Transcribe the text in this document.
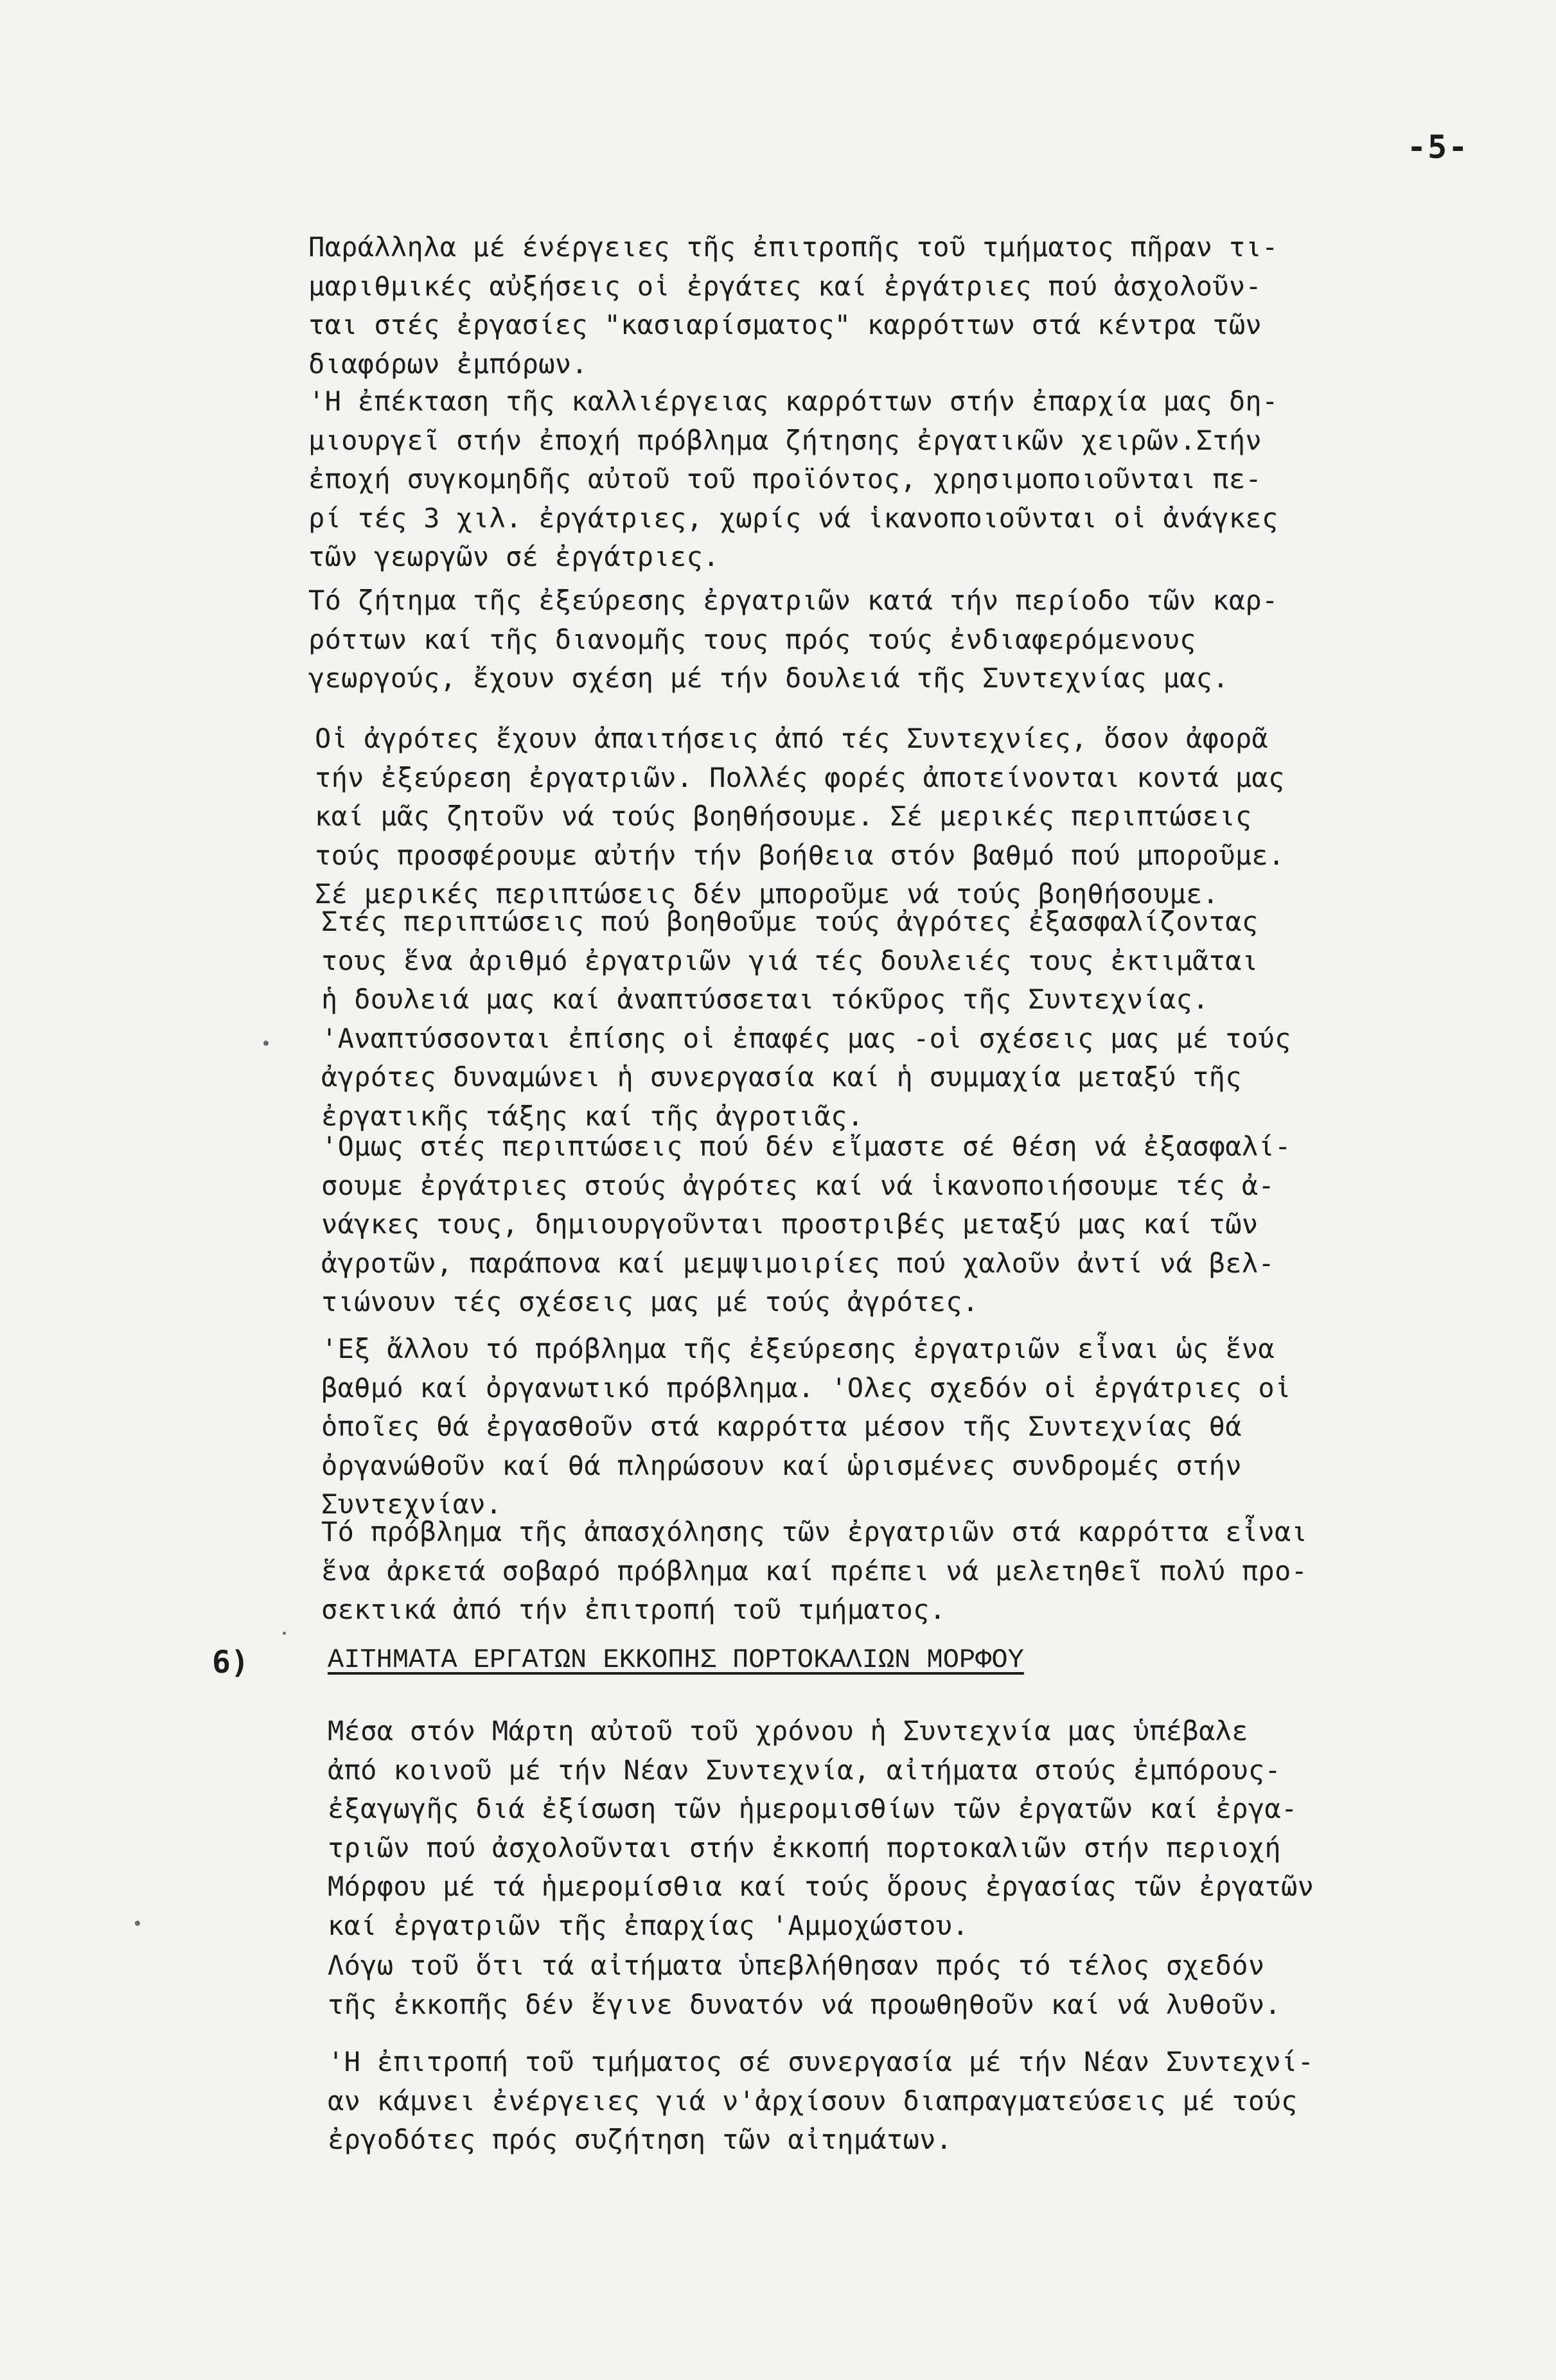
-5-

Παράλληλα μέ ένέργειες τῆς ἐπιτροπῆς τοῦ τμήματος πῆραν τι-
μαριθμικές αὐξήσεις οἱ ἐργάτες καί ἐργάτριες πού ἀσχολοῦν-
ται στές ἐργασίες "κασιαρίσματος" καρρόττων στά κέντρα τῶν
διαφόρων ἐμπόρων.

'Η ἐπέκταση τῆς καλλιέργειας καρρόττων στήν ἐπαρχία μας δη-
μιουργεῖ στήν ἐποχή πρόβλημα ζήτησης ἐργατικῶν χειρῶν.Στήν
ἐποχή συγκομηδῆς αὐτοῦ τοῦ προϊόντος, χρησιμοποιοῦνται πε-
ρί τές 3 χιλ. ἐργάτριες, χωρίς νά ἱκανοποιοῦνται οἱ ἀνάγκες
τῶν γεωργῶν σέ ἐργάτριες.

Τό ζήτημα τῆς ἐξεύρεσης ἐργατριῶν κατά τήν περίοδο τῶν καρ-
ρόττων καί τῆς διανομῆς τους πρός τούς ἐνδιαφερόμενους
γεωργούς, ἔχουν σχέση μέ τήν δουλειά τῆς Συντεχνίας μας.

Οἱ ἀγρότες ἔχουν ἀπαιτήσεις ἀπό τές Συντεχνίες, ὅσον ἀφορᾶ
τήν ἐξεύρεση ἐργατριῶν. Πολλές φορές ἀποτείνονται κοντά μας
καί μᾶς ζητοῦν νά τούς βοηθήσουμε. Σέ μερικές περιπτώσεις
τούς προσφέρουμε αὐτήν τήν βοήθεια στόν βαθμό πού μποροῦμε.
Σέ μερικές περιπτώσεις δέν μποροῦμε νά τούς βοηθήσουμε.

Στές περιπτώσεις πού βοηθοῦμε τούς ἀγρότες ἐξασφαλίζοντας
τους ἕνα ἀριθμό ἐργατριῶν γιά τές δουλειές τους ἐκτιμᾶται
ἡ δουλειά μας καί ἀναπτύσσεται τόκῦρος τῆς Συντεχνίας.
'Αναπτύσσονται ἐπίσης οἱ ἐπαφές μας -οἱ σχέσεις μας μέ τούς
ἀγρότες δυναμώνει ἡ συνεργασία καί ἡ συμμαχία μεταξύ τῆς
ἐργατικῆς τάξης καί τῆς ἀγροτιᾶς.

'Ομως στές περιπτώσεις πού δέν εἴμαστε σέ θέση νά ἐξασφαλί-
σουμε ἐργάτριες στούς ἀγρότες καί νά ἱκανοποιήσουμε τές ἀ-
νάγκες τους, δημιουργοῦνται προστριβές μεταξύ μας καί τῶν
ἀγροτῶν, παράπονα καί μεμψιμοιρίες πού χαλοῦν ἀντί νά βελ-
τιώνουν τές σχέσεις μας μέ τούς ἀγρότες.

'Εξ ἄλλου τό πρόβλημα τῆς ἐξεύρεσης ἐργατριῶν εἶναι ὡς ἕνα
βαθμό καί ὀργανωτικό πρόβλημα. 'Ολες σχεδόν οἱ ἐργάτριες οἱ
ὁποῖες θά ἐργασθοῦν στά καρρόττα μέσον τῆς Συντεχνίας θά
ὀργανώθοῦν καί θά πληρώσουν καί ὡρισμένες συνδρομές στήν
Συντεχνίαν.

Τό πρόβλημα τῆς ἀπασχόλησης τῶν ἐργατριῶν στά καρρόττα εἶναι
ἕνα ἀρκετά σοβαρό πρόβλημα καί πρέπει νά μελετηθεῖ πολύ προ-
σεκτικά ἀπό τήν ἐπιτροπή τοῦ τμήματος.

6)	ΑΙΤΗΜΑΤΑ ΕΡΓΑΤΩΝ ΕΚΚΟΠΗΣ ΠΟΡΤΟΚΑΛΙΩΝ ΜΟΡΦΟΥ

Μέσα στόν Μάρτη αὐτοῦ τοῦ χρόνου ἡ Συντεχνία μας ὑπέβαλε
ἀπό κοινοῦ μέ τήν Νέαν Συντεχνία, αἰτήματα στούς ἐμπόρους-
ἐξαγωγῆς διά ἐξίσωση τῶν ἡμερομισθίων τῶν ἐργατῶν καί ἐργα-
τριῶν πού ἀσχολοῦνται στήν ἐκκοπή πορτοκαλιῶν στήν περιοχή
Μόρφου μέ τά ἡμερομίσθια καί τούς ὅρους ἐργασίας τῶν ἐργατῶν
καί ἐργατριῶν τῆς ἐπαρχίας 'Αμμοχώστου.

Λόγω τοῦ ὅτι τά αἰτήματα ὑπεβλήθησαν πρός τό τέλος σχεδόν
τῆς ἐκκοπῆς δέν ἔγινε δυνατόν νά προωθηθοῦν καί νά λυθοῦν.

'Η ἐπιτροπή τοῦ τμήματος σέ συνεργασία μέ τήν Νέαν Συντεχνί-
αν κάμνει ἐνέργειες γιά ν'ἀρχίσουν διαπραγματεύσεις μέ τούς
ἐργοδότες πρός συζήτηση τῶν αἰτημάτων.
